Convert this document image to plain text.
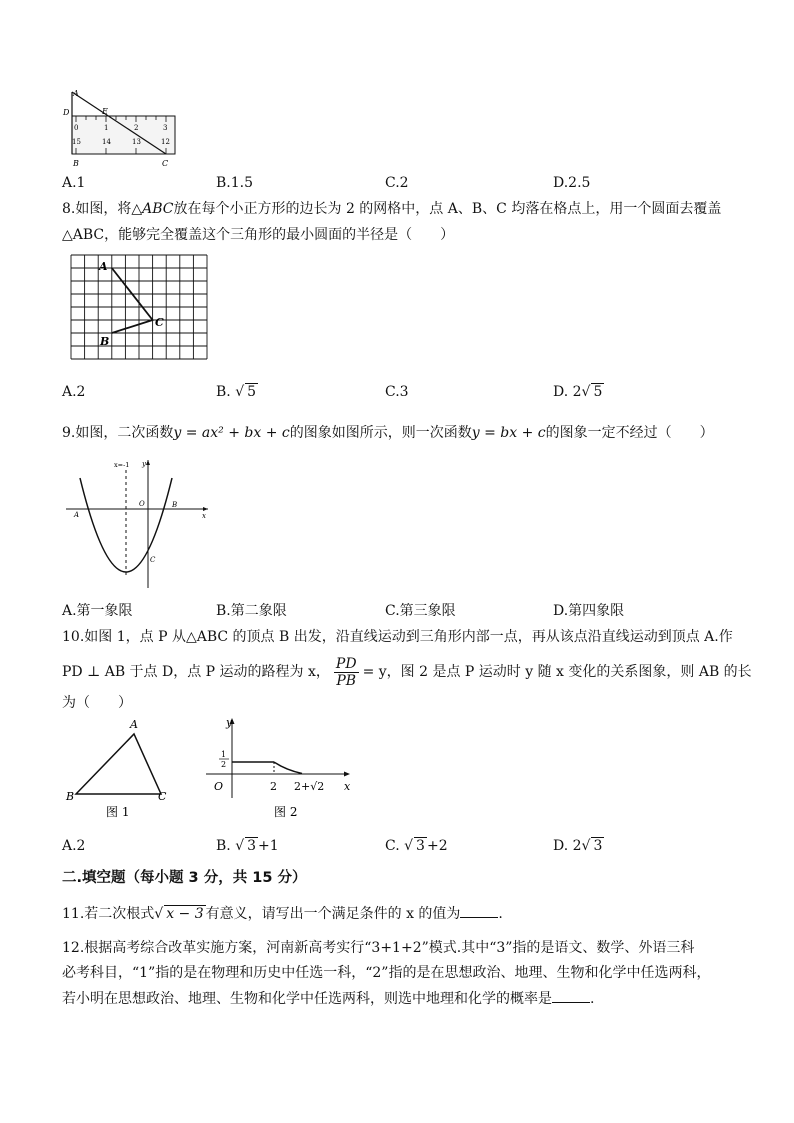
A
D	E
B	C
0	1	2	3
15	14	13	12
A.1	B.1.5	C.2	D.2.5
8.如图，将△ABC放在每个小正方形的边长为 2 的网格中，点 A、B、C 均落在格点上，用一个圆面去覆盖
△ABC，能够完全覆盖这个三角形的最小圆面的半径是（　　）
A
B
C
A.2	B. √ 5	C.3	D. 2√ 5
9.如图，二次函数y = ax² + bx + c的图象如图所示，则一次函数y = bx + c的图象一定不经过（　　）
x=-1 y
x
O
A
B
C
A.第一象限	B.第二象限	C.第三象限	D.第四象限
10.如图 1，点 P 从△ABC 的顶点 B 出发，沿直线运动到三角形内部一点，再从该点沿直线运动到顶点 A.作
PD ⊥ AB 于点 D，点 P 运动的路程为 x， $\frac{PD}{PB} = y$，图 2 是点 P 运动时 y 随 x 变化的关系图象，则 AB 的长
为（　　）
A
B	C
图 1
y
x
O
1
2
2 2+√2
图 2
A.2	B. √ 3 +1	C. √ 3 +2	D. 2√ 3
二.填空题（每小题 3 分，共 15 分）
11.若二次根式√ x − 3 有意义，请写出一个满足条件的 x 的值为	.
12.根据高考综合改革实施方案，河南新高考实行“3+1+2”模式.其中“3”指的是语文、数学、外语三科
必考科目，“1”指的是在物理和历史中任选一科，“2”指的是在思想政治、地理、生物和化学中任选两科，
若小明在思想政治、地理、生物和化学中任选两科，则选中地理和化学的概率是	.
